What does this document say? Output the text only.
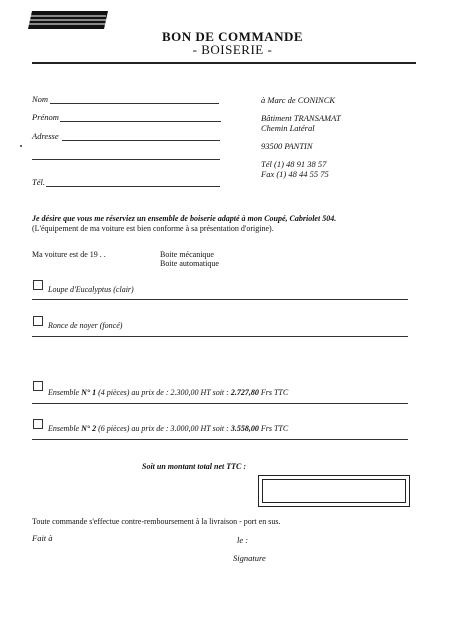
BON DE COMMANDE
- BOISERIE -
Nom
Prénom
Adresse
Tél.
à Marc de CONINCK
Bâtiment TRANSAMAT
Chemin Latéral
93500 PANTIN
Tél (1) 48 91 38 57
Fax (1) 48 44 55 75
Je désire que vous me réserviez un ensemble de boiserie adapté à mon Coupé, Cabriolet 504.
(L'équipement de ma voiture est bien conforme à sa présentation d'origine).
Ma voiture est de 19 . .	Boite mécanique
Boite automatique
Loupe d'Eucalyptus (clair)
Ronce de noyer (foncé)
Ensemble N° 1 (4 pièces) au prix de : 2.300,00 HT soit : 2.727,80 Frs TTC
Ensemble N° 2 (6 pièces) au prix de : 3.000,00 HT soit : 3.558,00 Frs TTC
Soit un montant total net TTC :
Toute commande s'effectue contre-remboursement à la livraison - port en sus.
Fait à	le :
Signature
